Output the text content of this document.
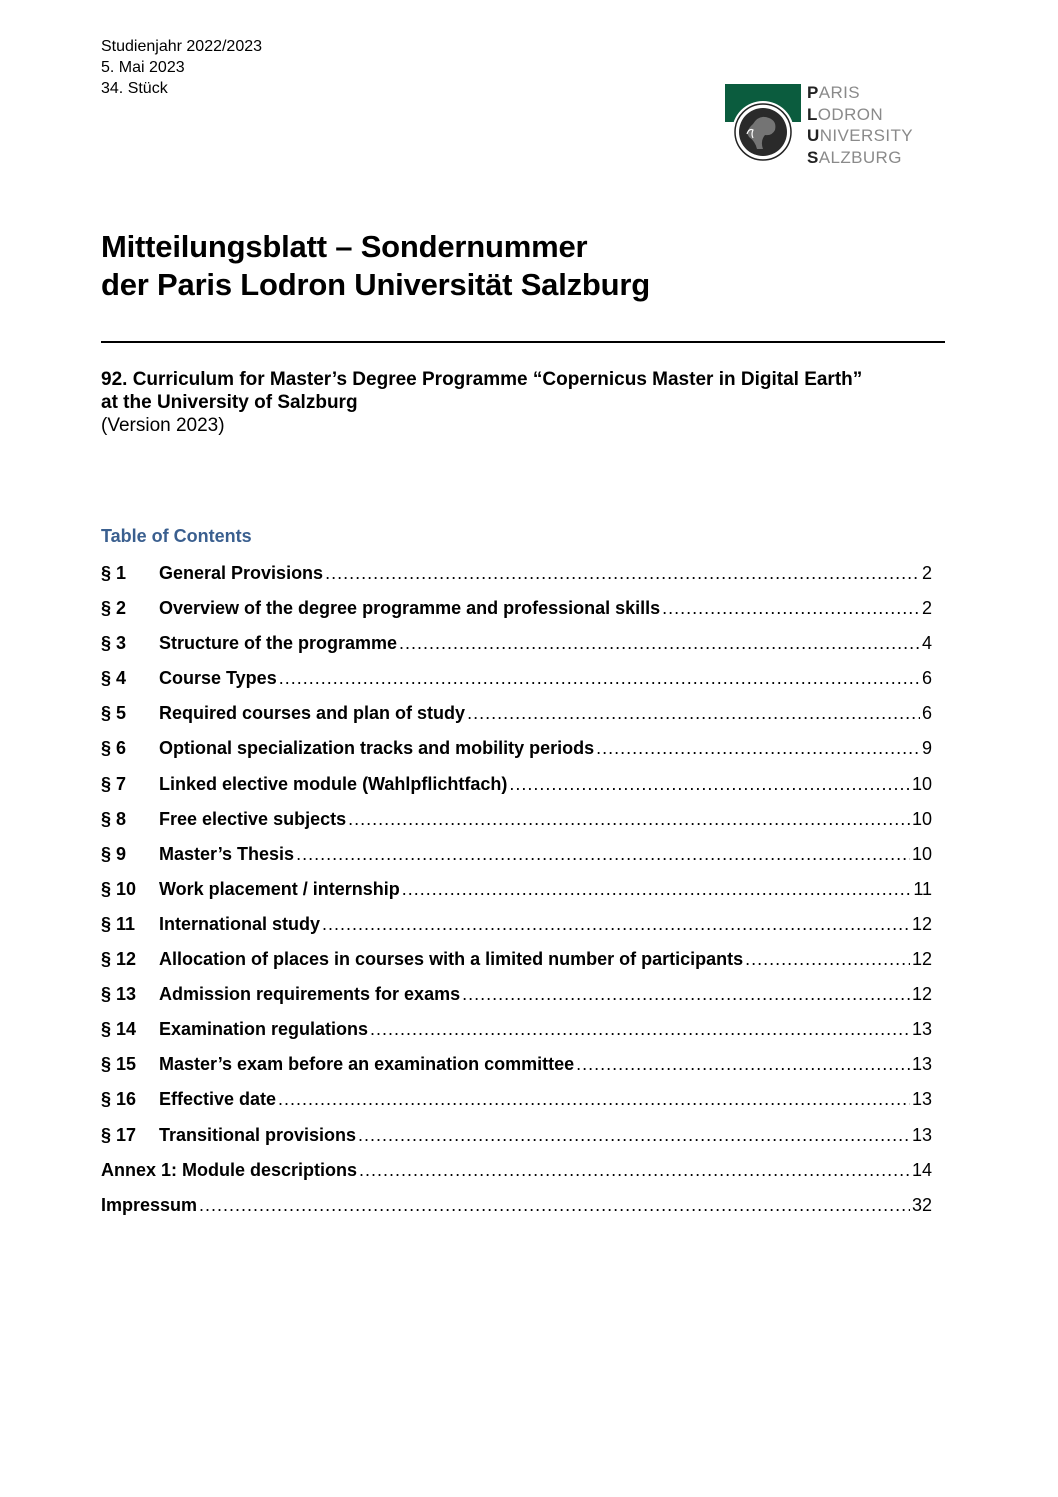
Studienjahr 2022/2023
5. Mai 2023
34. Stück	PARIS
LODRON
UNIVERSITY
SALZBURG
Mitteilungsblatt – Sondernummer
der Paris Lodron Universität Salzburg
92. Curriculum for Master’s Degree Programme “Copernicus Master in Digital Earth”
at the University of Salzburg
(Version 2023)
Table of Contents
§ 1	General Provisions .....	2
§ 2	Overview of the degree programme and professional skills .....	2
§ 3	Structure of the programme .....	4
§ 4	Course Types .....	6
§ 5	Required courses and plan of study .....	6
§ 6	Optional specialization tracks and mobility periods .....	9
§ 7	Linked elective module (Wahlpflichtfach) .....	10
§ 8	Free elective subjects .....	10
§ 9	Master’s Thesis .....	10
§ 10	Work placement / internship .....	11
§ 11	International study .....	12
§ 12	Allocation of places in courses with a limited number of participants .....	12
§ 13	Admission requirements for exams .....	12
§ 14	Examination regulations .....	13
§ 15	Master’s exam before an examination committee .....	13
§ 16	Effective date .....	13
§ 17	Transitional provisions .....	13
Annex 1: Module descriptions .....	14
Impressum .....	32
